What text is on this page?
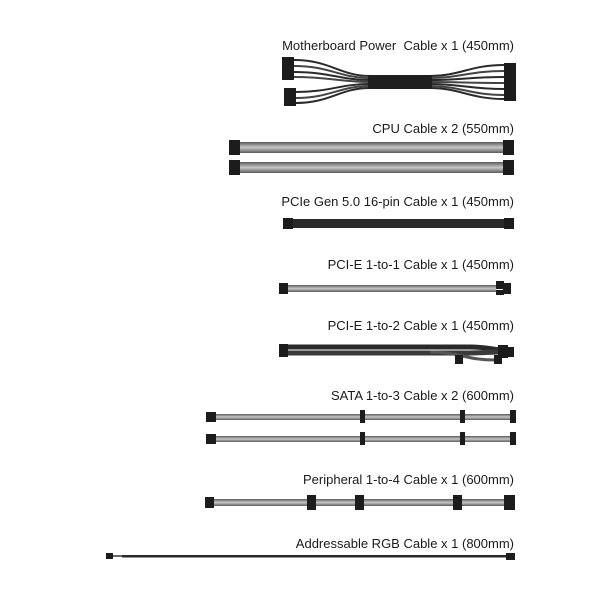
Motherboard Power  Cable x 1 (450mm)
CPU Cable x 2 (550mm)
PCIe Gen 5.0 16-pin Cable x 1 (450mm)
PCI-E 1-to-1 Cable x 1 (450mm)
PCI-E 1-to-2 Cable x 1 (450mm)
SATA 1-to-3 Cable x 2 (600mm)
Peripheral 1-to-4 Cable x 1 (600mm)
Addressable RGB Cable x 1 (800mm)
